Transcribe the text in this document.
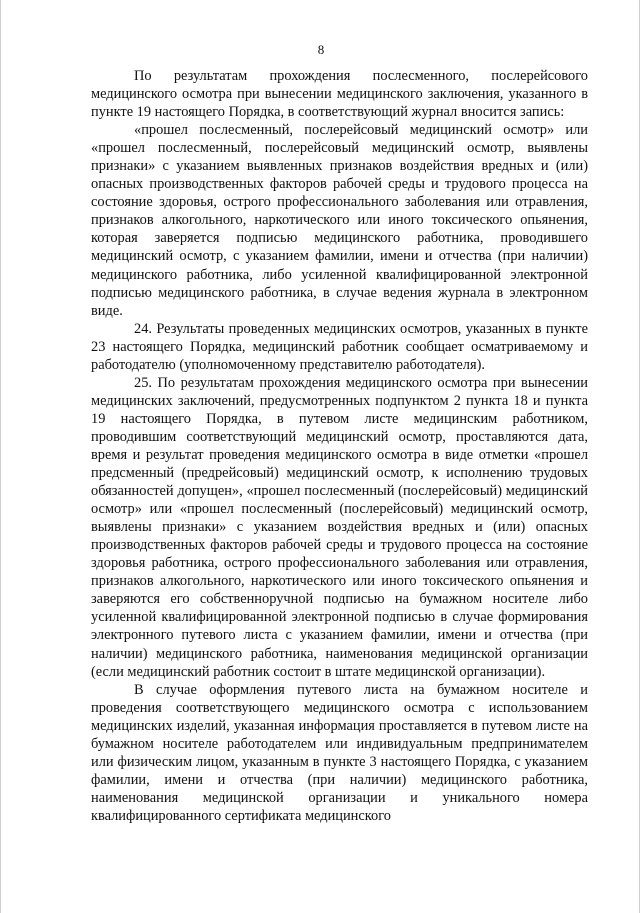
8

По результатам прохождения послесменного, послерейсового медицинского осмотра при вынесении медицинского заключения, указанного в пункте 19 настоящего Порядка, в соответствующий журнал вносится запись:

«прошел послесменный, послерейсовый медицинский осмотр» или «прошел послесменный, послерейсовый медицинский осмотр, выявлены признаки» с указанием выявленных признаков воздействия вредных и (или) опасных производственных факторов рабочей среды и трудового процесса на состояние здоровья, острого профессионального заболевания или отравления, признаков алкогольного, наркотического или иного токсического опьянения, которая заверяется подписью медицинского работника, проводившего медицинский осмотр, с указанием фамилии, имени и отчества (при наличии) медицинского работника, либо усиленной квалифицированной электронной подписью медицинского работника, в случае ведения журнала в электронном виде.

24. Результаты проведенных медицинских осмотров, указанных в пункте 23 настоящего Порядка, медицинский работник сообщает осматриваемому и работодателю (уполномоченному представителю работодателя).

25. По результатам прохождения медицинского осмотра при вынесении медицинских заключений, предусмотренных подпунктом 2 пункта 18 и пункта 19 настоящего Порядка, в путевом листе медицинским работником, проводившим соответствующий медицинский осмотр, проставляются дата, время и результат проведения медицинского осмотра в виде отметки «прошел предсменный (предрейсовый) медицинский осмотр, к исполнению трудовых обязанностей допущен», «прошел послесменный (послерейсовый) медицинский осмотр» или «прошел послесменный (послерейсовый) медицинский осмотр, выявлены признаки» с указанием воздействия вредных и (или) опасных производственных факторов рабочей среды и трудового процесса на состояние здоровья работника, острого профессионального заболевания или отравления, признаков алкогольного, наркотического или иного токсического опьянения и заверяются его собственноручной подписью на бумажном носителе либо усиленной квалифицированной электронной подписью в случае формирования электронного путевого листа с указанием фамилии, имени и отчества (при наличии) медицинского работника, наименования медицинской организации (если медицинский работник состоит в штате медицинской организации).

В случае оформления путевого листа на бумажном носителе и проведения соответствующего медицинского осмотра с использованием медицинских изделий, указанная информация проставляется в путевом листе на бумажном носителе работодателем или индивидуальным предпринимателем или физическим лицом, указанным в пункте 3 настоящего Порядка, с указанием фамилии, имени и отчества (при наличии) медицинского работника, наименования медицинской организации и уникального номера квалифицированного сертификата медицинского
